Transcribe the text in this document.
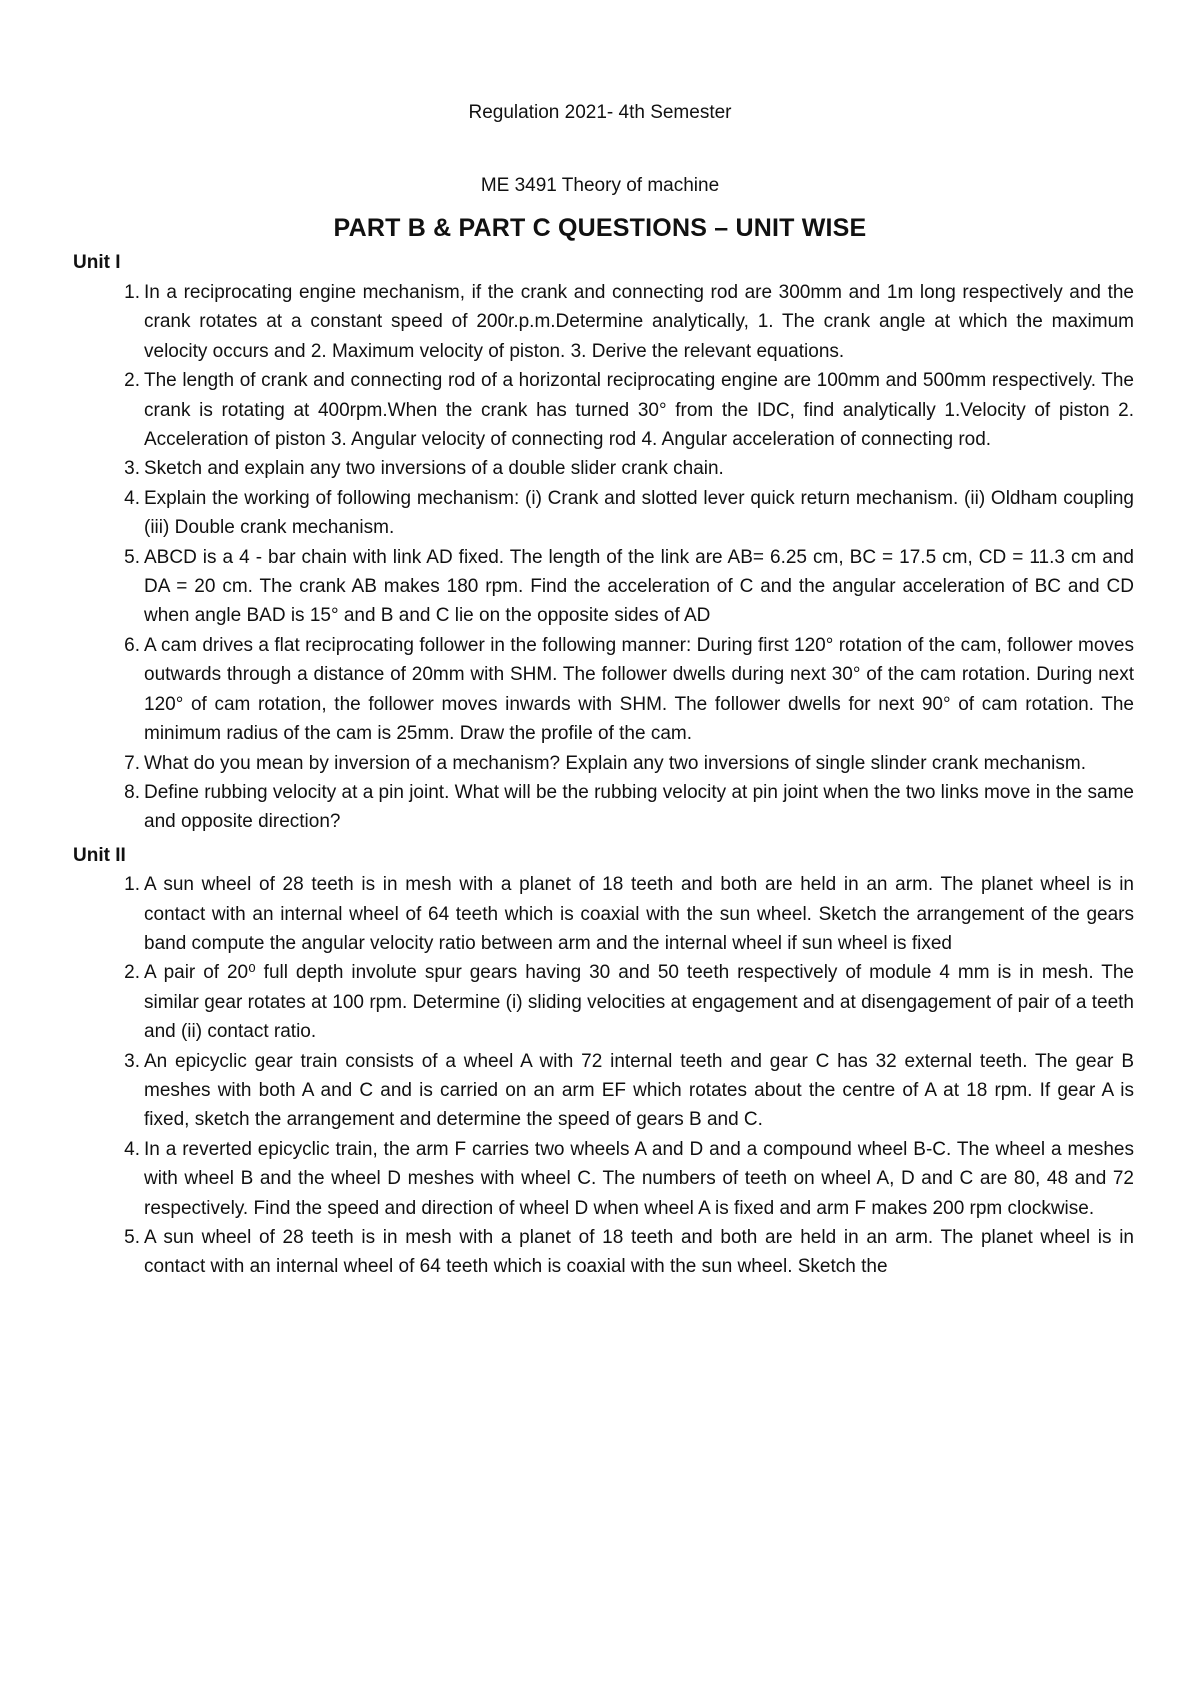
Regulation 2021- 4th Semester
ME 3491 Theory of machine
PART B & PART C QUESTIONS – UNIT WISE
Unit I
1. In a reciprocating engine mechanism, if the crank and connecting rod are 300mm and 1m long respectively and the crank rotates at a constant speed of 200r.p.m.Determine analytically, 1. The crank angle at which the maximum velocity occurs and 2. Maximum velocity of piston. 3. Derive the relevant equations.
2. The length of crank and connecting rod of a horizontal reciprocating engine are 100mm and 500mm respectively. The crank is rotating at 400rpm.When the crank has turned 30° from the IDC, find analytically 1.Velocity of piston 2. Acceleration of piston 3. Angular velocity of connecting rod 4. Angular acceleration of connecting rod.
3. Sketch and explain any two inversions of a double slider crank chain.
4. Explain the working of following mechanism: (i) Crank and slotted lever quick return mechanism. (ii) Oldham coupling (iii) Double crank mechanism.
5. ABCD is a 4 - bar chain with link AD fixed. The length of the link are AB= 6.25 cm, BC = 17.5 cm, CD = 11.3 cm and DA = 20 cm. The crank AB makes 180 rpm. Find the acceleration of C and the angular acceleration of BC and CD when angle BAD is 15° and B and C lie on the opposite sides of AD
6. A cam drives a flat reciprocating follower in the following manner: During first 120° rotation of the cam, follower moves outwards through a distance of 20mm with SHM. The follower dwells during next 30° of the cam rotation. During next 120° of cam rotation, the follower moves inwards with SHM. The follower dwells for next 90° of cam rotation. The minimum radius of the cam is 25mm. Draw the profile of the cam.
7. What do you mean by inversion of a mechanism? Explain any two inversions of single slinder crank mechanism.
8. Define rubbing velocity at a pin joint. What will be the rubbing velocity at pin joint when the two links move in the same and opposite direction?
Unit II
1. A sun wheel of 28 teeth is in mesh with a planet of 18 teeth and both are held in an arm. The planet wheel is in contact with an internal wheel of 64 teeth which is coaxial with the sun wheel. Sketch the arrangement of the gears band compute the angular velocity ratio between arm and the internal wheel if sun wheel is fixed
2. A pair of 20⁰ full depth involute spur gears having 30 and 50 teeth respectively of module 4 mm is in mesh. The similar gear rotates at 100 rpm. Determine (i) sliding velocities at engagement and at disengagement of pair of a teeth and (ii) contact ratio.
3. An epicyclic gear train consists of a wheel A with 72 internal teeth and gear C has 32 external teeth. The gear B meshes with both A and C and is carried on an arm EF which rotates about the centre of A at 18 rpm. If gear A is fixed, sketch the arrangement and determine the speed of gears B and C.
4. In a reverted epicyclic train, the arm F carries two wheels A and D and a compound wheel B-C. The wheel a meshes with wheel B and the wheel D meshes with wheel C. The numbers of teeth on wheel A, D and C are 80, 48 and 72 respectively. Find the speed and direction of wheel D when wheel A is fixed and arm F makes 200 rpm clockwise.
5. A sun wheel of 28 teeth is in mesh with a planet of 18 teeth and both are held in an arm. The planet wheel is in contact with an internal wheel of 64 teeth which is coaxial with the sun wheel. Sketch the
